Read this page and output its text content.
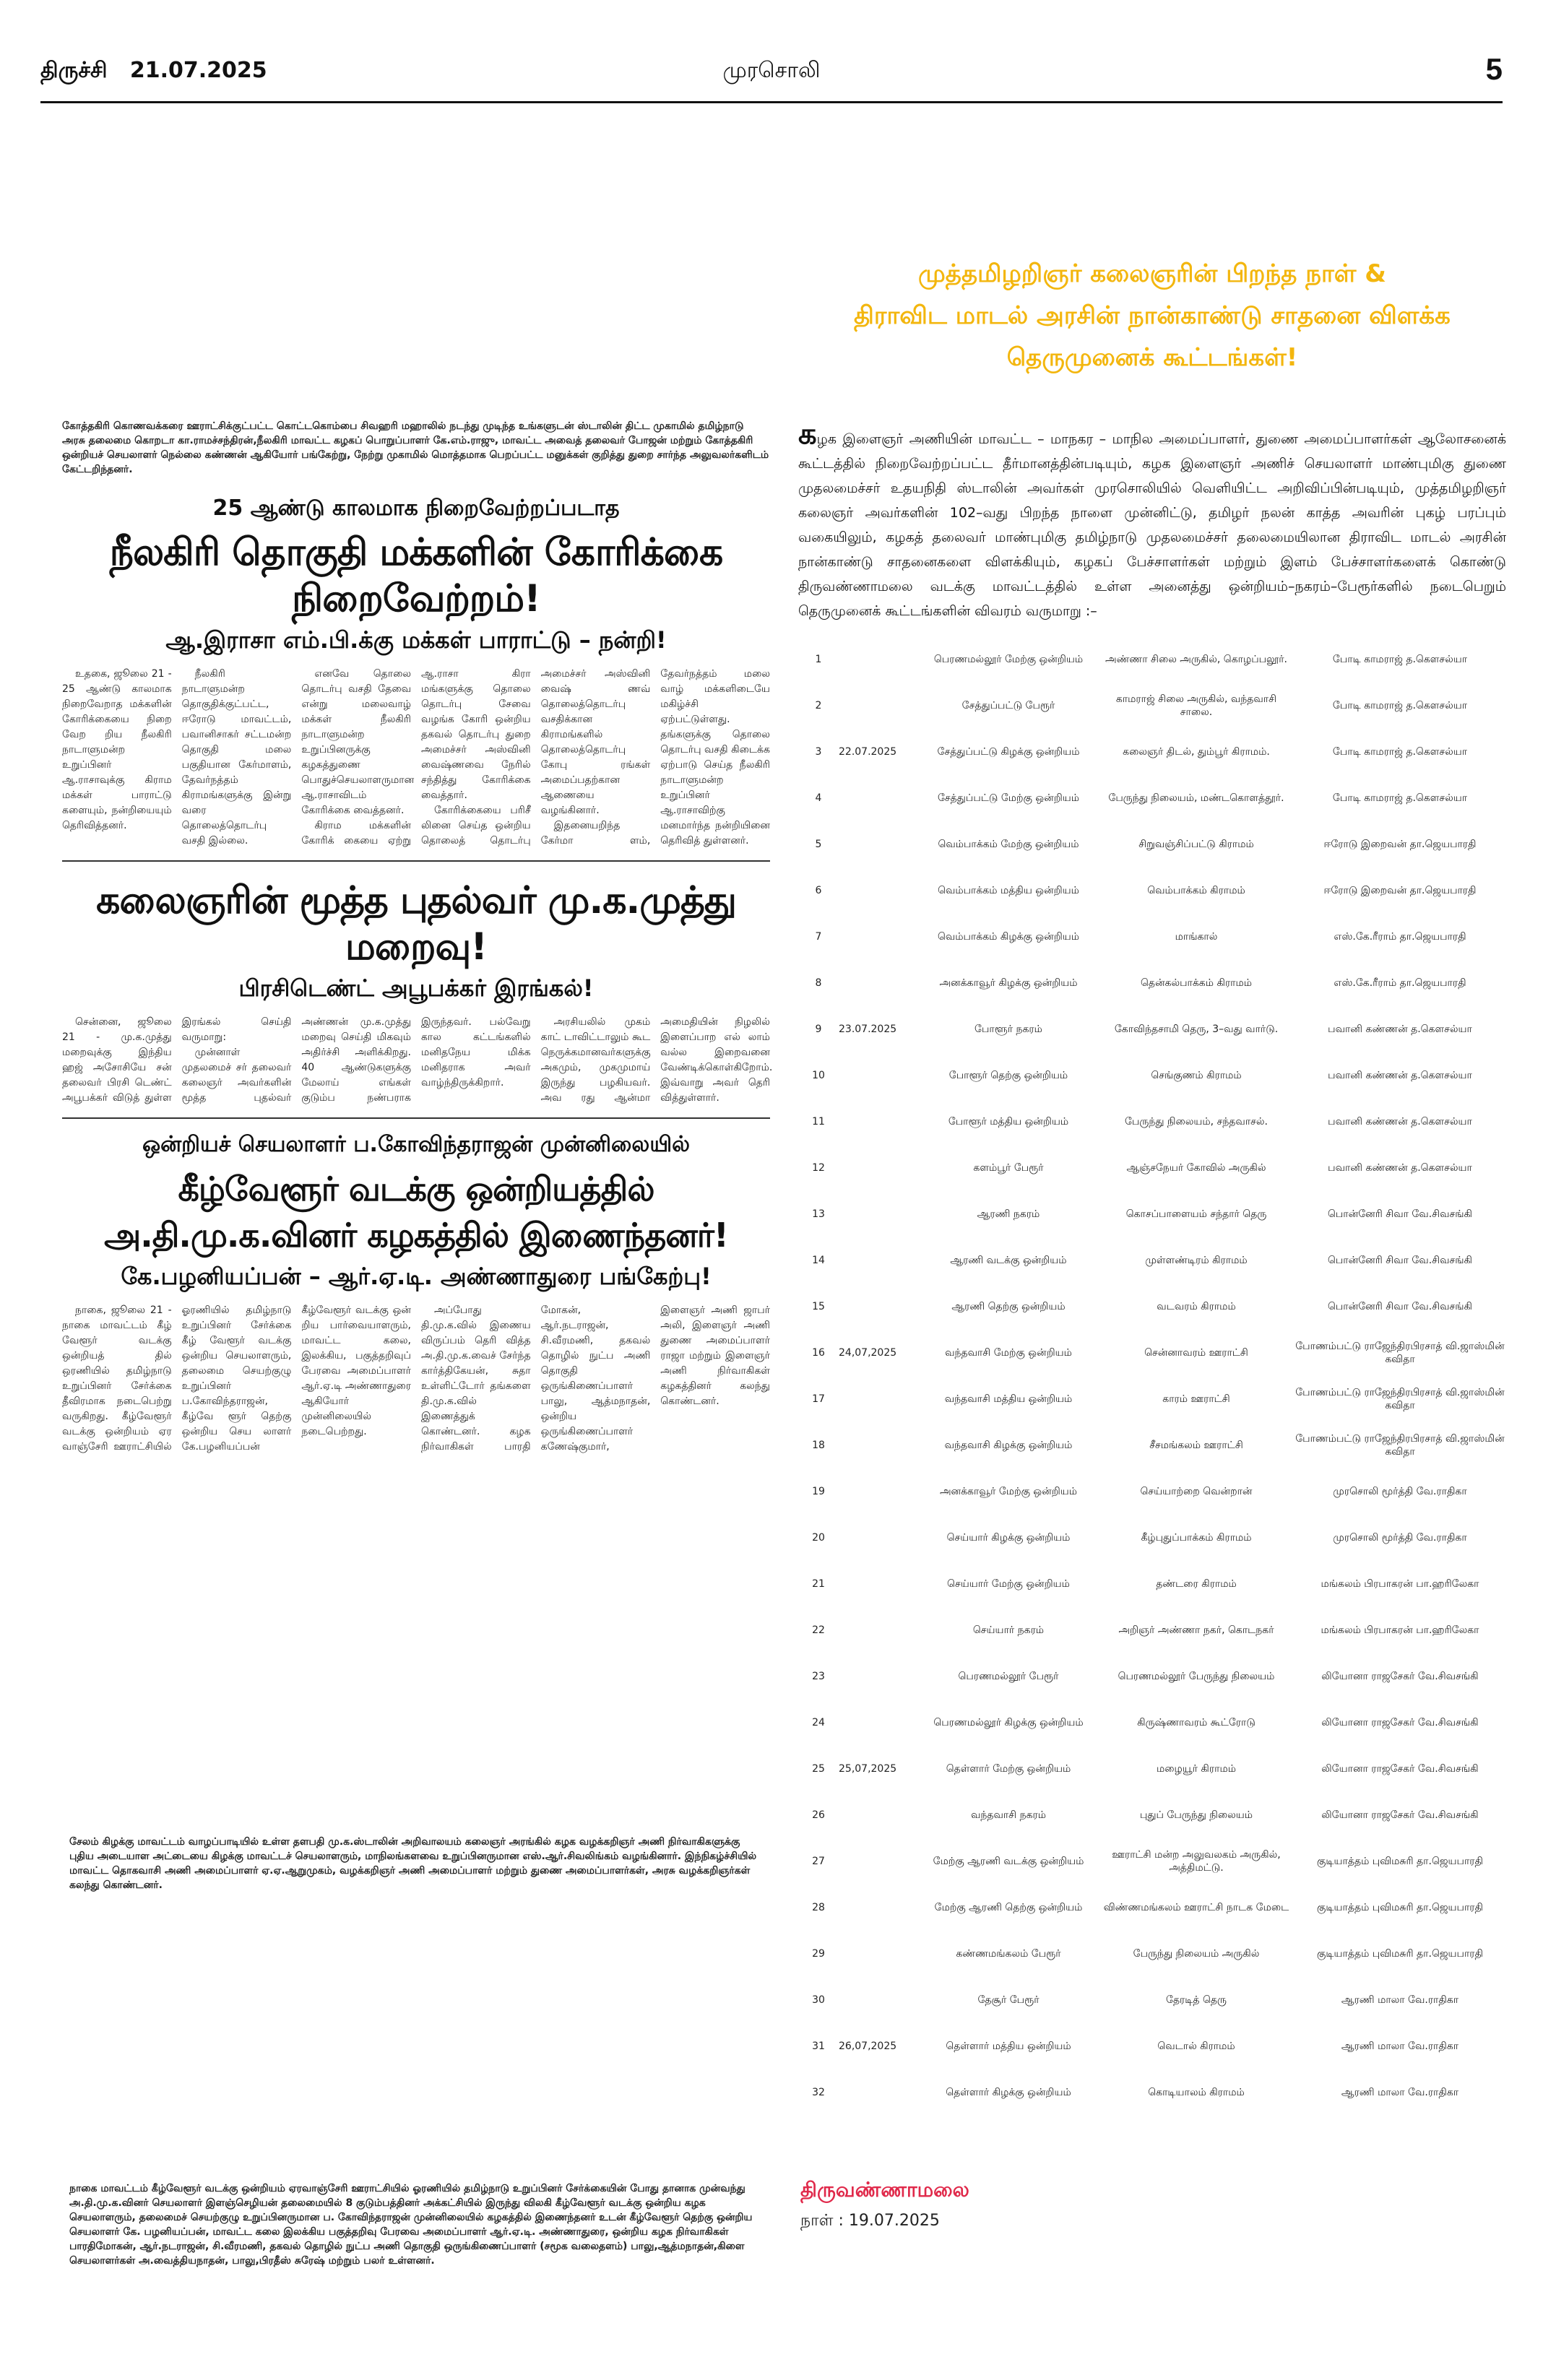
திருச்சி 21.07.2025	முரசொலி	5
கோத்தகிரி கொணவக்கரை ஊராட்சிக்குட்பட்ட கொட்டகொம்பை சிவஹரி மஹாலில் நடந்து முடிந்த உங்களுடன் ஸ்டாலின் திட்ட முகாமில் தமிழ்நாடு அரசு தலைமை கொறடா கா.ராமச்சந்திரன்,நீலகிரி மாவட்ட கழகப் பொறுப்பாளர் கே.எம்.ராஜு, மாவட்ட அவைத் தலைவர் போஜன் மற்றும் கோத்தகிரி ஒன்றியச் செயலாளர் நெல்லை கண்ணன் ஆகியோர் பங்கேற்று, நேற்று முகாமில் மொத்தமாக பெறப்பட்ட மனுக்கள் குறித்து துறை சார்ந்த அலுவலர்களிடம் கேட்டறிந்தனர்.
25 ஆண்டு காலமாக நிறைவேற்றப்படாத
நீலகிரி தொகுதி மக்களின் கோரிக்கை நிறைவேற்றம்!
ஆ.இராசா எம்.பி.க்கு மக்கள் பாராட்டு – நன்றி!

உதகை, ஜூலை 21 - 25 ஆண்டு காலமாக நிறைவேறாத மக்களின் கோரிக்கையை நிறை வேற றிய நீலகிரி நாடாளுமன்ற உறுப்பினர் ஆ.ராசாவுக்கு கிராம மக்கள் பாராட்டு களையும், நன்றியையும் தெரிவித்தனர்.

நீலகிரி நாடாளுமன்ற தொகுதிக்குட்பட்ட, ஈரோடு மாவட்டம், பவானிசாகர் சட்டமன்ற தொகுதி மலை பகுதியான கேர்மாளம், தேவர்நத்தம் கிராமங்களுக்கு இன்று வரை தொலைத்தொடர்பு வசதி இல்லை.

எனவே தொலை தொடர்பு வசதி தேவை என்று மலைவாழ் மக்கள் நீலகிரி நாடாளுமன்ற உறுப்பினருக்கு கழகத்துணை பொதுச்செயலாளருமான ஆ.ராசாவிடம் கோரிக்கை வைத்தனர்.

கிராம மக்களின் கோரிக் கையை ஏற்று ஆ.ராசா கிரா மங்களுக்கு தொலை தொடர்பு சேவை வழங்க கோரி ஒன்றிய தகவல் தொடர்பு துறை அமைச்சர் அஸ்வினி வைஷ்ணவை நேரில் சந்தித்து கோரிக்கை வைத்தார்.

கோரிக்கையை பரிசீ லினை செய்த ஒன்றிய தொலைத் தொடர்பு அமைச்சர் அஸ்வினி வைஷ் ணவ் தொலைத்தொடர்பு வசதிக்கான கிராமங்களில் தொலைத்தொடர்பு கோபு ரங்கள் அமைப்பதற்கான ஆணையை வழங்கினார்.

இதனையறிந்த கேர்மா ளம், தேவர்நத்தம் மலை வாழ் மக்களிடையே மகிழ்ச்சி ஏற்பட்டுள்ளது. தங்களுக்கு தொலை தொடர்பு வசதி கிடைக்க ஏற்பாடு செய்த நீலகிரி நாடாளுமன்ற உறுப்பினர் ஆ.ராசாவிற்கு மனமார்ந்த நன்றியினை தெரிவித் துள்ளனர்.

கலைஞரின் மூத்த புதல்வர் மு.க.முத்து மறைவு!
பிரசிடெண்ட் அபூபக்கர் இரங்கல்!

சென்னை, ஜூலை 21 - மு.க.முத்து மறைவுக்கு இந்திய ஹஜ் அசோசியே சன் தலைவர் பிரசி டெண்ட் அபூபக்கர் விடுத் துள்ள இரங்கல் செய்தி வருமாறு:

முன்னாள் முதலமைச் சர் தலைவர் கலைஞர் அவர்களின் மூத்த புதல்வர் அண்ணன் மு.க.முத்து மறைவு செய்தி மிகவும் அதிர்ச்சி அளிக்கிறது. 40 ஆண்டுகளுக்கு மேலாய் எங்கள் குடும்ப நண்பராக இருந்தவர். பல்வேறு கால கட்டங்களில் மனிதநேய மிக்க மனிதராக அவர் வாழ்ந்திருக்கிறார்.

அரசியலில் முகம் காட் டாவிட்டாலும் கூட நெருக்கமானவர்களுக்கு அகமும், முகமுமாய் இருந்து பழகியவர். அவ ரது ஆன்மா அமைதியின் நிழலில் இளைப்பாற எல் லாம் வல்ல இறைவனை வேண்டிக்கொள்கிறோம். இவ்வாறு அவர் தெரி வித்துள்ளார்.

ஒன்றியச் செயலாளர் ப.கோவிந்தராஜன் முன்னிலையில்
கீழ்வேளூர் வடக்கு ஒன்றியத்தில் அ.தி.மு.க.வினர் கழகத்தில் இணைந்தனர்!
கே.பழனியப்பன் – ஆர்.ஏ.டி. அண்ணாதுரை பங்கேற்பு!

நாகை, ஜூலை 21 - நாகை மாவட்டம் கீழ் வேளூர் வடக்கு ஒன்றியத் தில் ஒரணியில் தமிழ்நாடு உறுப்பினர் சேர்க்கை தீவிரமாக நடைபெற்று வருகிறது. கீழ்வேளூர் வடக்கு ஒன்றியம் ஏர வாஞ்சேரி ஊராட்சியில் ஓரணியில் தமிழ்நாடு உறுப்பினர் சேர்க்கை கீழ் வேளூர் வடக்கு ஒன்றிய செயலாளரும், தலைமை செயற்குழு உறுப்பினர் ப.கோவிந்தராஜன், கீழ்வே ளூர் தெற்கு ஒன்றிய செய லாளர் கே.பழனியப்பன் கீழ்வேளூர் வடக்கு ஒன் றிய பார்வையாளரும், மாவட்ட கலை, இலக்கிய, பகுத்தறிவுப் பேரவை அமைப்பாளர் ஆர்.ஏ.டி அண்ணாதுரை ஆகியோர் முன்னிலையில் நடைபெற்றது.

அப்போது தி.மு.க.வில் இணைய விருப்பம் தெரி வித்த அ.தி.மு.க.வைச் சேர்ந்த கார்த்திகேயன், சுதா உள்ளிட்டோர் தங்களை தி.மு.க.வில் இணைத்துக் கொண்டனர். கழக நிர்வாகிகள் பாரதி மோகன், ஆர்.நடராஜன், சி.வீரமணி, தகவல் தொழில் நுட்ப அணி தொகுதி ஒருங்கிணைப்பாளர் பாலு, ஆத்மநாதன், ஒன்றிய ஒருங்கிணைப்பாளர் கணேஷ்குமார், இளைஞர் அணி ஜாபர் அலி, இளைஞர் அணி துணை அமைப்பாளர் ராஜா மற்றும் இளைஞர் அணி நிர்வாகிகள் கழகத்தினர் கலந்து கொண்டனர்.

சேலம் கிழக்கு மாவட்டம் வாழப்பாடியில் உள்ள தளபதி மு.க.ஸ்டாலின் அறிவாலயம் கலைஞர் அரங்கில் கழக வழக்கறிஞர் அணி நிர்வாகிகளுக்கு புதிய அடையாள அட்டையை கிழக்கு மாவட்டச் செயலாளரும், மாநிலங்களவை உறுப்பினருமான எஸ்.ஆர்.சிவலிங்கம் வழங்கினார். இந்நிகழ்ச்சியில் மாவட்ட தொகவாசி அணி அமைப்பாளர் ஏ.ஏ.ஆறுமுகம், வழக்கறிஞர் அணி அமைப்பாளர் மற்றும் துணை அமைப்பாளர்கள், அரசு வழக்கறிஞர்கள் கலந்து கொண்டனர்.
நாகை மாவட்டம் கீழ்வேளூர் வடக்கு ஒன்றியம் ஏரவாஞ்சேரி ஊராட்சியில் ஓரணியில் தமிழ்நாடு உறுப்பினர் சேர்க்கையின் போது தானாக முன்வந்து அ.தி.மு.க.வினர் செயலாளர் இளஞ்செழியன் தலைமையில் 8 குடும்பத்தினர் அக்கட்சியில் இருந்து விலகி கீழ்வேளூர் வடக்கு ஒன்றிய கழக செயலாளரும், தலைமைச் செயற்குழு உறுப்பினருமான ப. கோவிந்தராஜன் முன்னிலையில் கழகத்தில் இணைந்தனர் உடன் கீழ்வேளூர் தெற்கு ஒன்றிய செயலாளர் கே. பழனியப்பன், மாவட்ட கலை இலக்கிய பகுத்தறிவு பேரவை அமைப்பாளர் ஆர்.ஏ.டி. அண்ணாதுரை, ஒன்றிய கழக நிர்வாகிகள் பாரதிமோகன், ஆர்.நடராஜன், சி.வீரமணி, தகவல் தொழில் நுட்ப அணி தொகுதி ஒருங்கிணைப்பாளர் (சமூக வலைதளம்) பாலு,ஆத்மநாதன்,கிளை செயலாளர்கள் அ.வைத்தியநாதன், பாலு,பிரதீஸ் சுரேஷ் மற்றும் பலர் உள்ளனர்.
முத்தமிழறிஞர் கலைஞரின் பிறந்த நாள் &
திராவிட மாடல் அரசின் நான்காண்டு சாதனை விளக்க
தெருமுனைக் கூட்டங்கள்!
கழக இளைஞர் அணியின் மாவட்ட – மாநகர – மாநில அமைப்பாளர், துணை அமைப்பாளர்கள் ஆலோசனைக் கூட்டத்தில் நிறைவேற்றப்பட்ட தீர்மானத்தின்படியும், கழக இளைஞர் அணிச் செயலாளர் மாண்புமிகு துணை முதலமைச்சர் உதயநிதி ஸ்டாலின் அவர்கள் முரசொலியில் வெளியிட்ட அறிவிப்பின்படியும், முத்தமிழறிஞர் கலைஞர் அவர்களின் 102–வது பிறந்த நாளை முன்னிட்டு, தமிழர் நலன் காத்த அவரின் புகழ் பரப்பும் வகையிலும், கழகத் தலைவர் மாண்புமிகு தமிழ்நாடு முதலமைச்சர் தலைமையிலான திராவிட மாடல் அரசின் நான்காண்டு சாதனைகளை விளக்கியும், கழகப் பேச்சாளர்கள் மற்றும் இளம் பேச்சாளர்களைக் கொண்டு திருவண்ணாமலை வடக்கு மாவட்டத்தில் உள்ள அனைத்து ஒன்றியம்–நகரம்–பேரூர்களில் நடைபெறும் தெருமுனைக் கூட்டங்களின் விவரம் வருமாறு :–
1		பெரணமல்லூர் மேற்கு ஒன்றியம்	அண்ணா சிலை அருகில், கொழப்பலூர்.	போடி காமராஜ் த.கௌசல்யா
2		சேத்துப்பட்டு பேரூர்	காமராஜ் சிலை அருகில், வந்தவாசி சாலை.	போடி காமராஜ் த.கௌசல்யா
3	22.07.2025	சேத்துப்பட்டு கிழக்கு ஒன்றியம்	கலைஞர் திடல், தும்பூர் கிராமம்.	போடி காமராஜ் த.கௌசல்யா
4		சேத்துப்பட்டு மேற்கு ஒன்றியம்	பேருந்து நிலையம், மண்டகொளத்தூர்.	போடி காமராஜ் த.கௌசல்யா
5		வெம்பாக்கம் மேற்கு ஒன்றியம்	சிறுவஞ்சிப்பட்டு கிராமம்	ஈரோடு இறைவன் தா.ஜெயபாரதி
6		வெம்பாக்கம் மத்திய ஒன்றியம்	வெம்பாக்கம் கிராமம்	ஈரோடு இறைவன் தா.ஜெயபாரதி
7		வெம்பாக்கம் கிழக்கு ஒன்றியம்	மாங்கால்	எஸ்.கே.ரீராம் தா.ஜெயபாரதி
8		அனக்காவூர் கிழக்கு ஒன்றியம்	தென்கல்பாக்கம் கிராமம்	எஸ்.கே.ரீராம் தா.ஜெயபாரதி
9	23.07.2025	போளூர் நகரம்	கோவிந்தசாமி தெரு, 3–வது வார்டு.	பவானி கண்ணன் த.கௌசல்யா
10		போளூர் தெற்கு ஒன்றியம்	செங்குணம் கிராமம்	பவானி கண்ணன் த.கௌசல்யா
11		போளூர் மத்திய ஒன்றியம்	பேருந்து நிலையம், சந்தவாசல்.	பவானி கண்ணன் த.கௌசல்யா
12		களம்பூர் பேரூர்	ஆஞ்சநேயர் கோவில் அருகில்	பவானி கண்ணன் த.கௌசல்யா
13		ஆரணி நகரம்	கொசப்பாளையம் சந்தார் தெரு	பொன்னேரி சிவா வே.சிவசங்கி
14		ஆரணி வடக்கு ஒன்றியம்	முள்ளண்டிரம் கிராமம்	பொன்னேரி சிவா வே.சிவசங்கி
15		ஆரணி தெற்கு ஒன்றியம்	வடவரம் கிராமம்	பொன்னேரி சிவா வே.சிவசங்கி
16	24,07,2025	வந்தவாசி மேற்கு ஒன்றியம்	சென்னாவரம் ஊராட்சி	போணம்பட்டு ராஜேந்திரபிரசாத் வி.ஜாஸ்மின் கவிதா
17		வந்தவாசி மத்திய ஒன்றியம்	காரம் ஊராட்சி	போணம்பட்டு ராஜேந்திரபிரசாத் வி.ஜாஸ்மின் கவிதா
18		வந்தவாசி கிழக்கு ஒன்றியம்	சீசமங்கலம் ஊராட்சி	போணம்பட்டு ராஜேந்திரபிரசாத் வி.ஜாஸ்மின் கவிதா
19		அனக்காவூர் மேற்கு ஒன்றியம்	செய்யாற்றை வென்றான்	முரசொலி மூர்த்தி வே.ராதிகா
20		செய்யார் கிழக்கு ஒன்றியம்	கீழ்புதுப்பாக்கம் கிராமம்	முரசொலி மூர்த்தி வே.ராதிகா
21		செய்யார் மேற்கு ஒன்றியம்	தண்டரை கிராமம்	மங்கலம் பிரபாகரன் பா.ஹரிலேகா
22		செய்யார் நகரம்	அறிஞர் அண்ணா நகர், கொடநகர்	மங்கலம் பிரபாகரன் பா.ஹரிலேகா
23		பெரணமல்லூர் பேரூர்	பெரணமல்லூர் பேருந்து நிலையம்	லியோனா ராஜசேகர் வே.சிவசங்கி
24		பெரணமல்லூர் கிழக்கு ஒன்றியம்	கிருஷ்ணாவரம் கூட்ரோடு	லியோனா ராஜசேகர் வே.சிவசங்கி
25	25,07,2025	தெள்ளார் மேற்கு ஒன்றியம்	மழையூர் கிராமம்	லியோனா ராஜசேகர் வே.சிவசங்கி
26		வந்தவாசி நகரம்	புதுப் பேருந்து நிலையம்	லியோனா ராஜசேகர் வே.சிவசங்கி
27		மேற்கு ஆரணி வடக்கு ஒன்றியம்	ஊராட்சி மன்ற அலுவலகம் அருகில், அத்திமட்டு.	குடியாத்தம் புவிமசுரி தா.ஜெயபாரதி
28		மேற்கு ஆரணி தெற்கு ஒன்றியம்	விண்ணமங்கலம் ஊராட்சி நாடக மேடை	குடியாத்தம் புவிமசுரி தா.ஜெயபாரதி
29		கண்ணமங்கலம் பேரூர்	பேருந்து நிலையம் அருகில்	குடியாத்தம் புவிமசுரி தா.ஜெயபாரதி
30		தேசூர் பேரூர்	தேரடித் தெரு	ஆரணி மாலா வே.ராதிகா
31	26,07,2025	தெள்ளார் மத்திய ஒன்றியம்	வெடால் கிராமம்	ஆரணி மாலா வே.ராதிகா
32		தெள்ளார் கிழக்கு ஒன்றியம்	கொடியாலம் கிராமம்	ஆரணி மாலா வே.ராதிகா
திருவண்ணாமலை
நாள் : 19.07.2025
